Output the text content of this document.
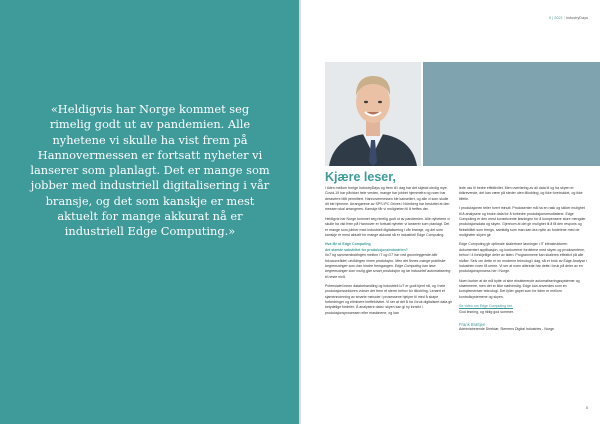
«Heldigvis har Norge kommet seg rimelig godt ut av pandemien. Alle nyhetene vi skulle ha vist frem på Hannovermessen er fortsatt nyheter vi lanserer som planlagt. Det er mange som jobber med industriell digitalisering i vår bransje, og det som kanskje er mest aktuelt for mange akkurat nå er industriell Edge Computing.»
5 | 2021|IndustryDays
Kjære leser,

I tiden mellom forrige IndustryDays og frem til i dag har det skjedd utrolig mye. Covid-19 har påvirket hele verden, mange har jobbet hjemmefra og noen har dessverre blitt permittert. Hannovermessen ble kansellert, og alle vi som skulle dit ble hjemme. Arrangørene av SPS IPC Drives i Nürnberg har besluttet at den messen skal arrangeres. Kanskje får vi muligheten til å treffes der.

Heldigvis har Norge kommet seg rimelig godt ut av pandemien. Alle nyhetene vi skulle ha vist frem på Hannover er fortsatt nyheter vi lanserer som planlagt. Det er mange som jobber med industriell digitalisering i vår bransje, og det som kanskje er mest aktuelt for mange akkurat nå er industriell Edge Computing.

Hva får ut Edge Computing

det største saksfeltet for produksjonsindustrien?

IIoT og sammenkoblingen mellom IT og OT har ved grunnleggende blitt fokusområdet; utviklingen innen produksjon. Men det finnes mange praktiske begrensninger som kan hindre fremgangen. Edge Computing kan løse begrensninger som mulig gjør smart produksjon og tar industriell automatisering til neste nivå.

Potensialet innen databehandling og industriell IoT er godt kjent nå, og i hele produksjonssektoren vokser det frem et sterre behov for tilkobling. Lenært et sjamennomning av smarte metoder i prosessene hjelper til med å skape forbedringer og eliminere ineffektivitet. Vi ser at det å ha i bruk digitalisert data gir betydelige fordeler. Å analysere data i skyen kan gi ny innsikt i produksjonsprosessen eller maskinene, og kan

lede oss til bedre effektivitet. Men overføring av all data til og fra skyen er tidkrevende, det kan være på steder uten tilkobling, og ikke foretrukket, og ikke tilfelle.

I produksjonen teller hvert minutt. Produsenter må ha en rask og sikker mulighet til å analysere og bruke data for å forbedre produksjonsresultatene. Edge Computing er den mest konsekvente løsningen for å kompensere store mengder produksjonsdata og skyen. Gjennom at det gir mulighet til å få den respons og fleksibilitet som trengs, samtidig som man kan dra nytte av fordelene med de muligheter skyen gir.

Edge Computing gir optimale skalerbare løsninger i IT infrastrukturen dokumentert applikasjon, og konkurrerer fordelene med skyen og produsentene, behov i 4 forskjellige deler av tiden. Programmene kan skaleres effektivt på alle nivåer. Selv om dette er en moderne teknologi i dag, så er bruk av Edge Analyse i industrien noen få uerne. Vi ser at noen allerede har dette i bruk på deler av en produksjonsprosess her i Norge.

Noen kurker at de må bytte ut sine eksisterende automatiseringssystemer og strømmene, men det er ikke nødvendig. Edge kan anvendes som en komplementær teknologi. Det fyller gapet som for tiden er mellom kontrollsystemene og skyen.

Se video om Edge Computing her.

God lesning, og riktig god sommer.

Frank Brattjen

Administrerende Direktør, Siemens Digital Industries - Norge

5
